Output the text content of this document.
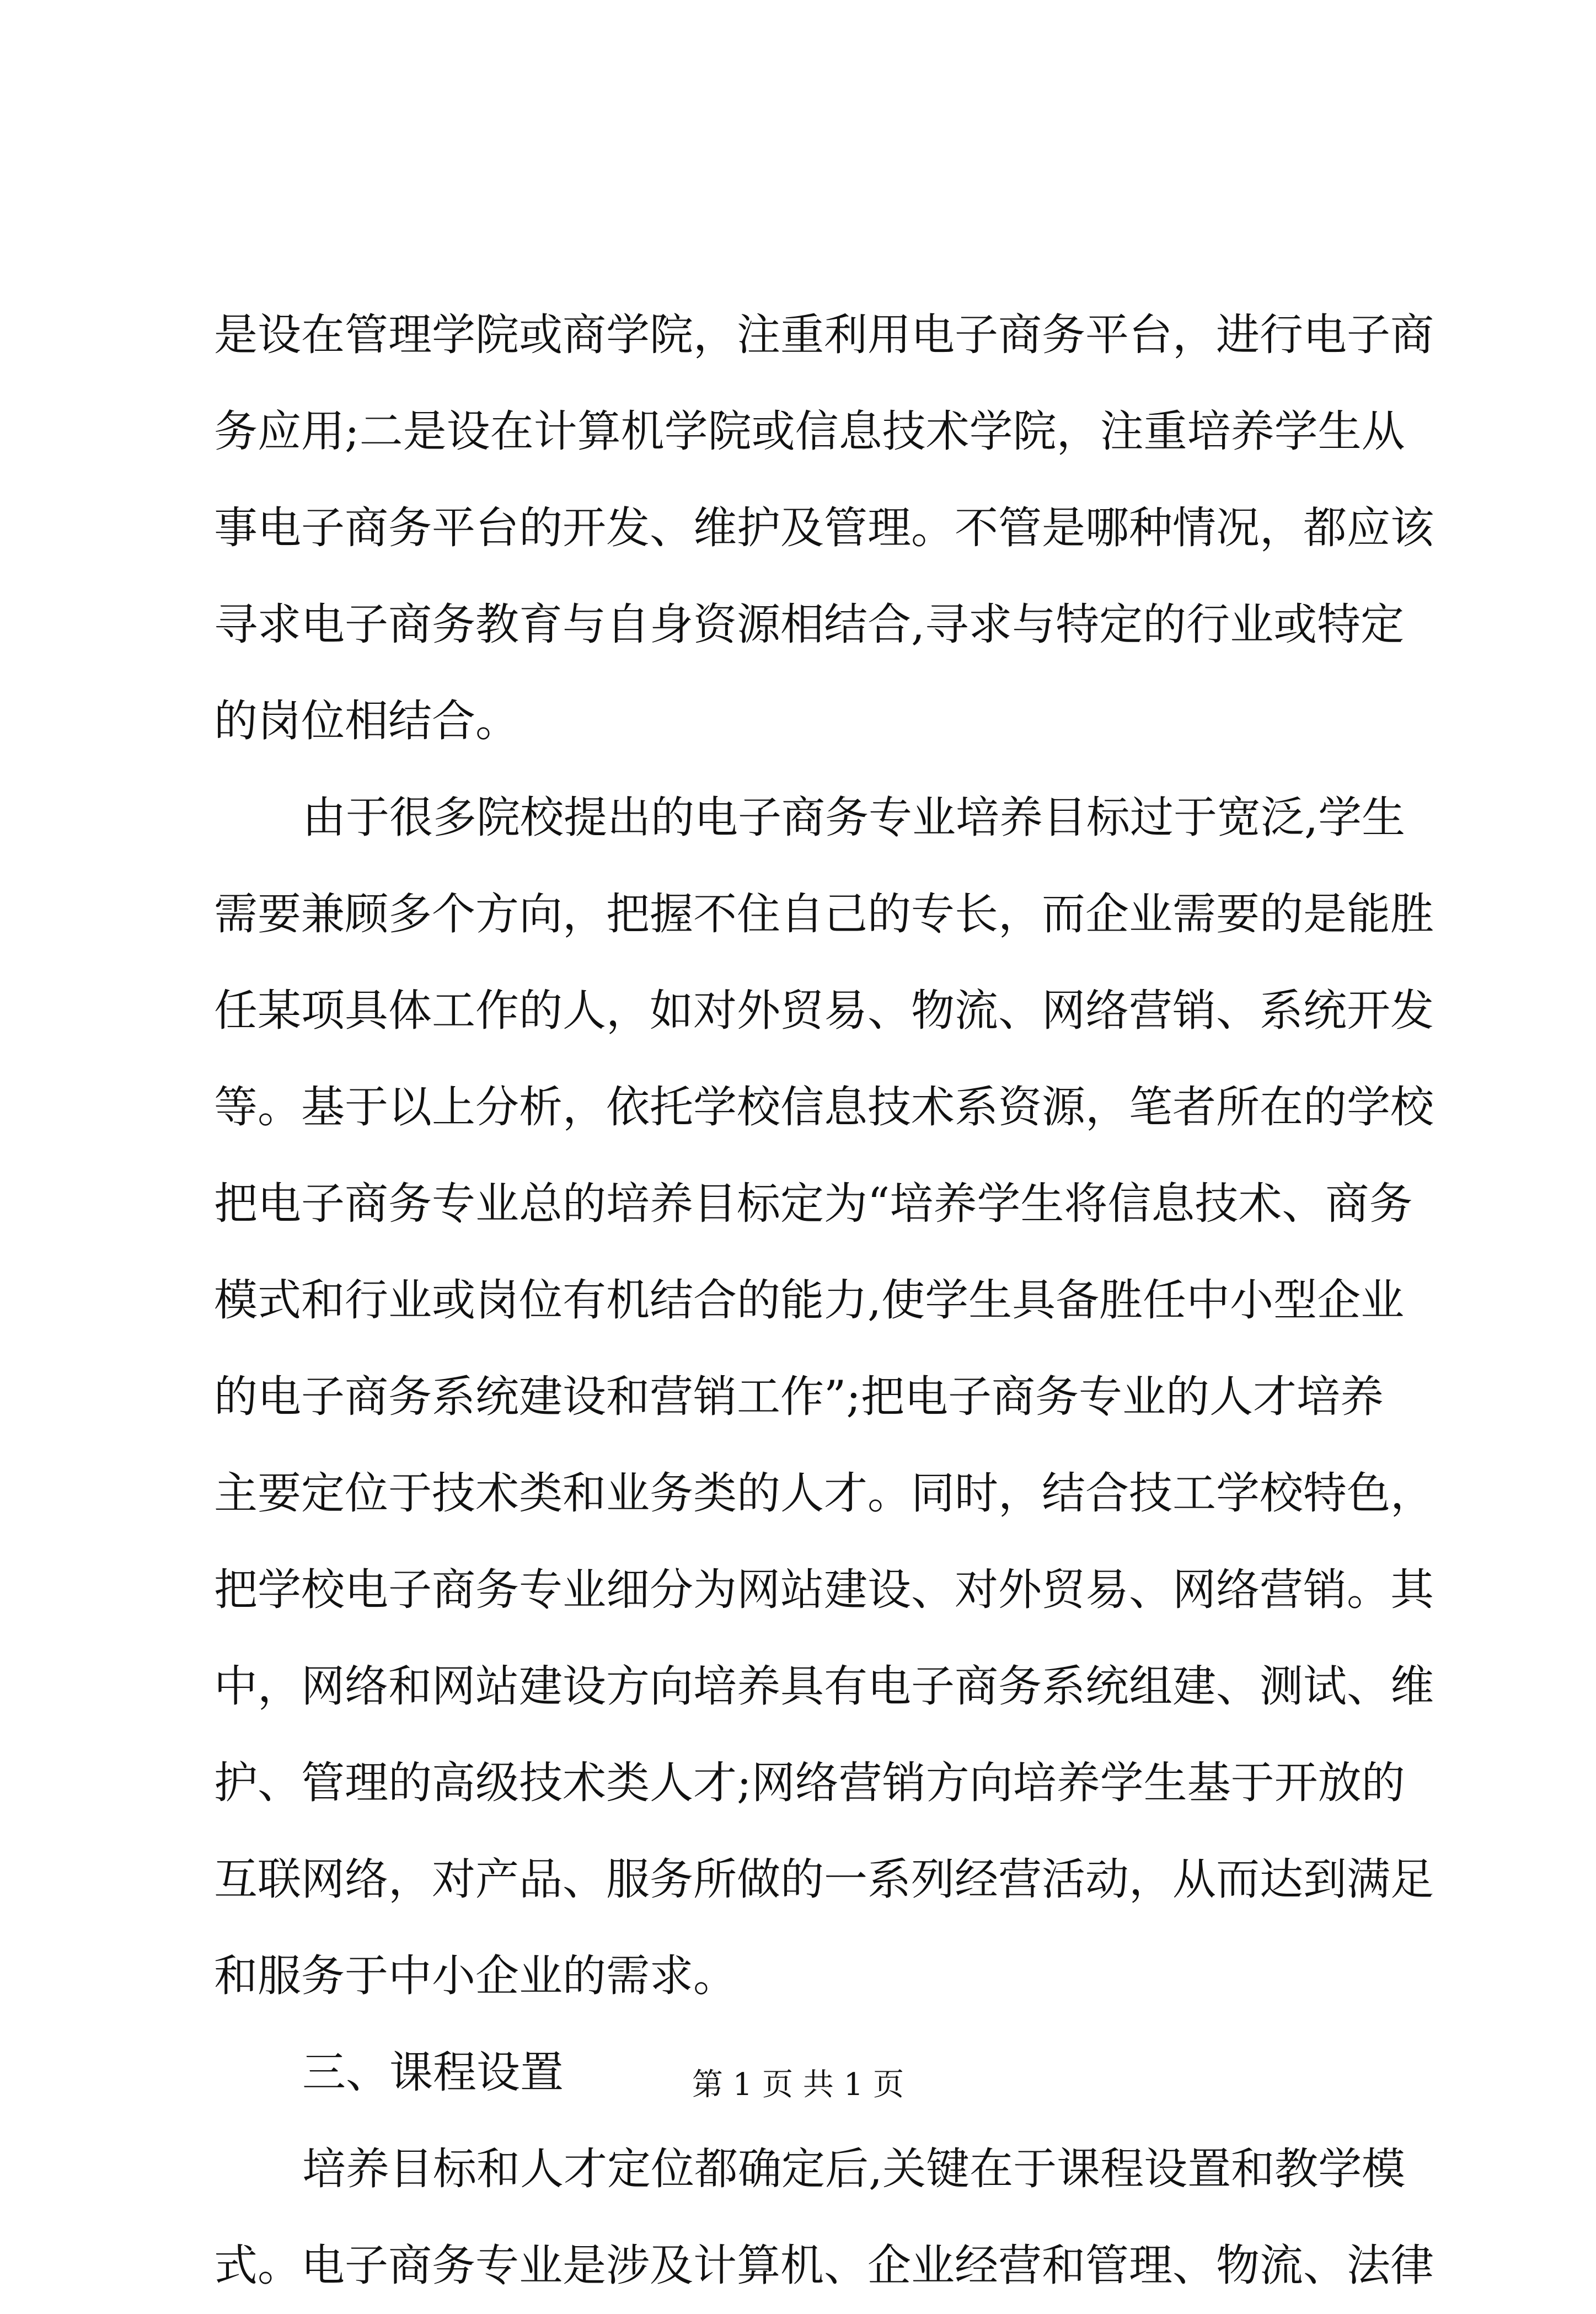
是设在管理学院或商学院，注重利用电子商务平台，进行电子商
务应用;二是设在计算机学院或信息技术学院，注重培养学生从
事电子商务平台的开发、维护及管理。不管是哪种情况，都应该
寻求电子商务教育与自身资源相结合,寻求与特定的行业或特定
的岗位相结合。
由于很多院校提出的电子商务专业培养目标过于宽泛,学生
需要兼顾多个方向，把握不住自己的专长，而企业需要的是能胜
任某项具体工作的人，如对外贸易、物流、网络营销、系统开发
等。基于以上分析，依托学校信息技术系资源，笔者所在的学校
把电子商务专业总的培养目标定为“培养学生将信息技术、商务
模式和行业或岗位有机结合的能力,使学生具备胜任中小型企业
的电子商务系统建设和营销工作”;把电子商务专业的人才培养
主要定位于技术类和业务类的人才。同时，结合技工学校特色，
把学校电子商务专业细分为网站建设、对外贸易、网络营销。其
中，网络和网站建设方向培养具有电子商务系统组建、测试、维
护、管理的高级技术类人才;网络营销方向培养学生基于开放的
互联网络，对产品、服务所做的一系列经营活动，从而达到满足
和服务于中小企业的需求。
三、课程设置
培养目标和人才定位都确定后,关键在于课程设置和教学模
式。电子商务专业是涉及计算机、企业经营和管理、物流、法律
第 1 页 共 1 页
